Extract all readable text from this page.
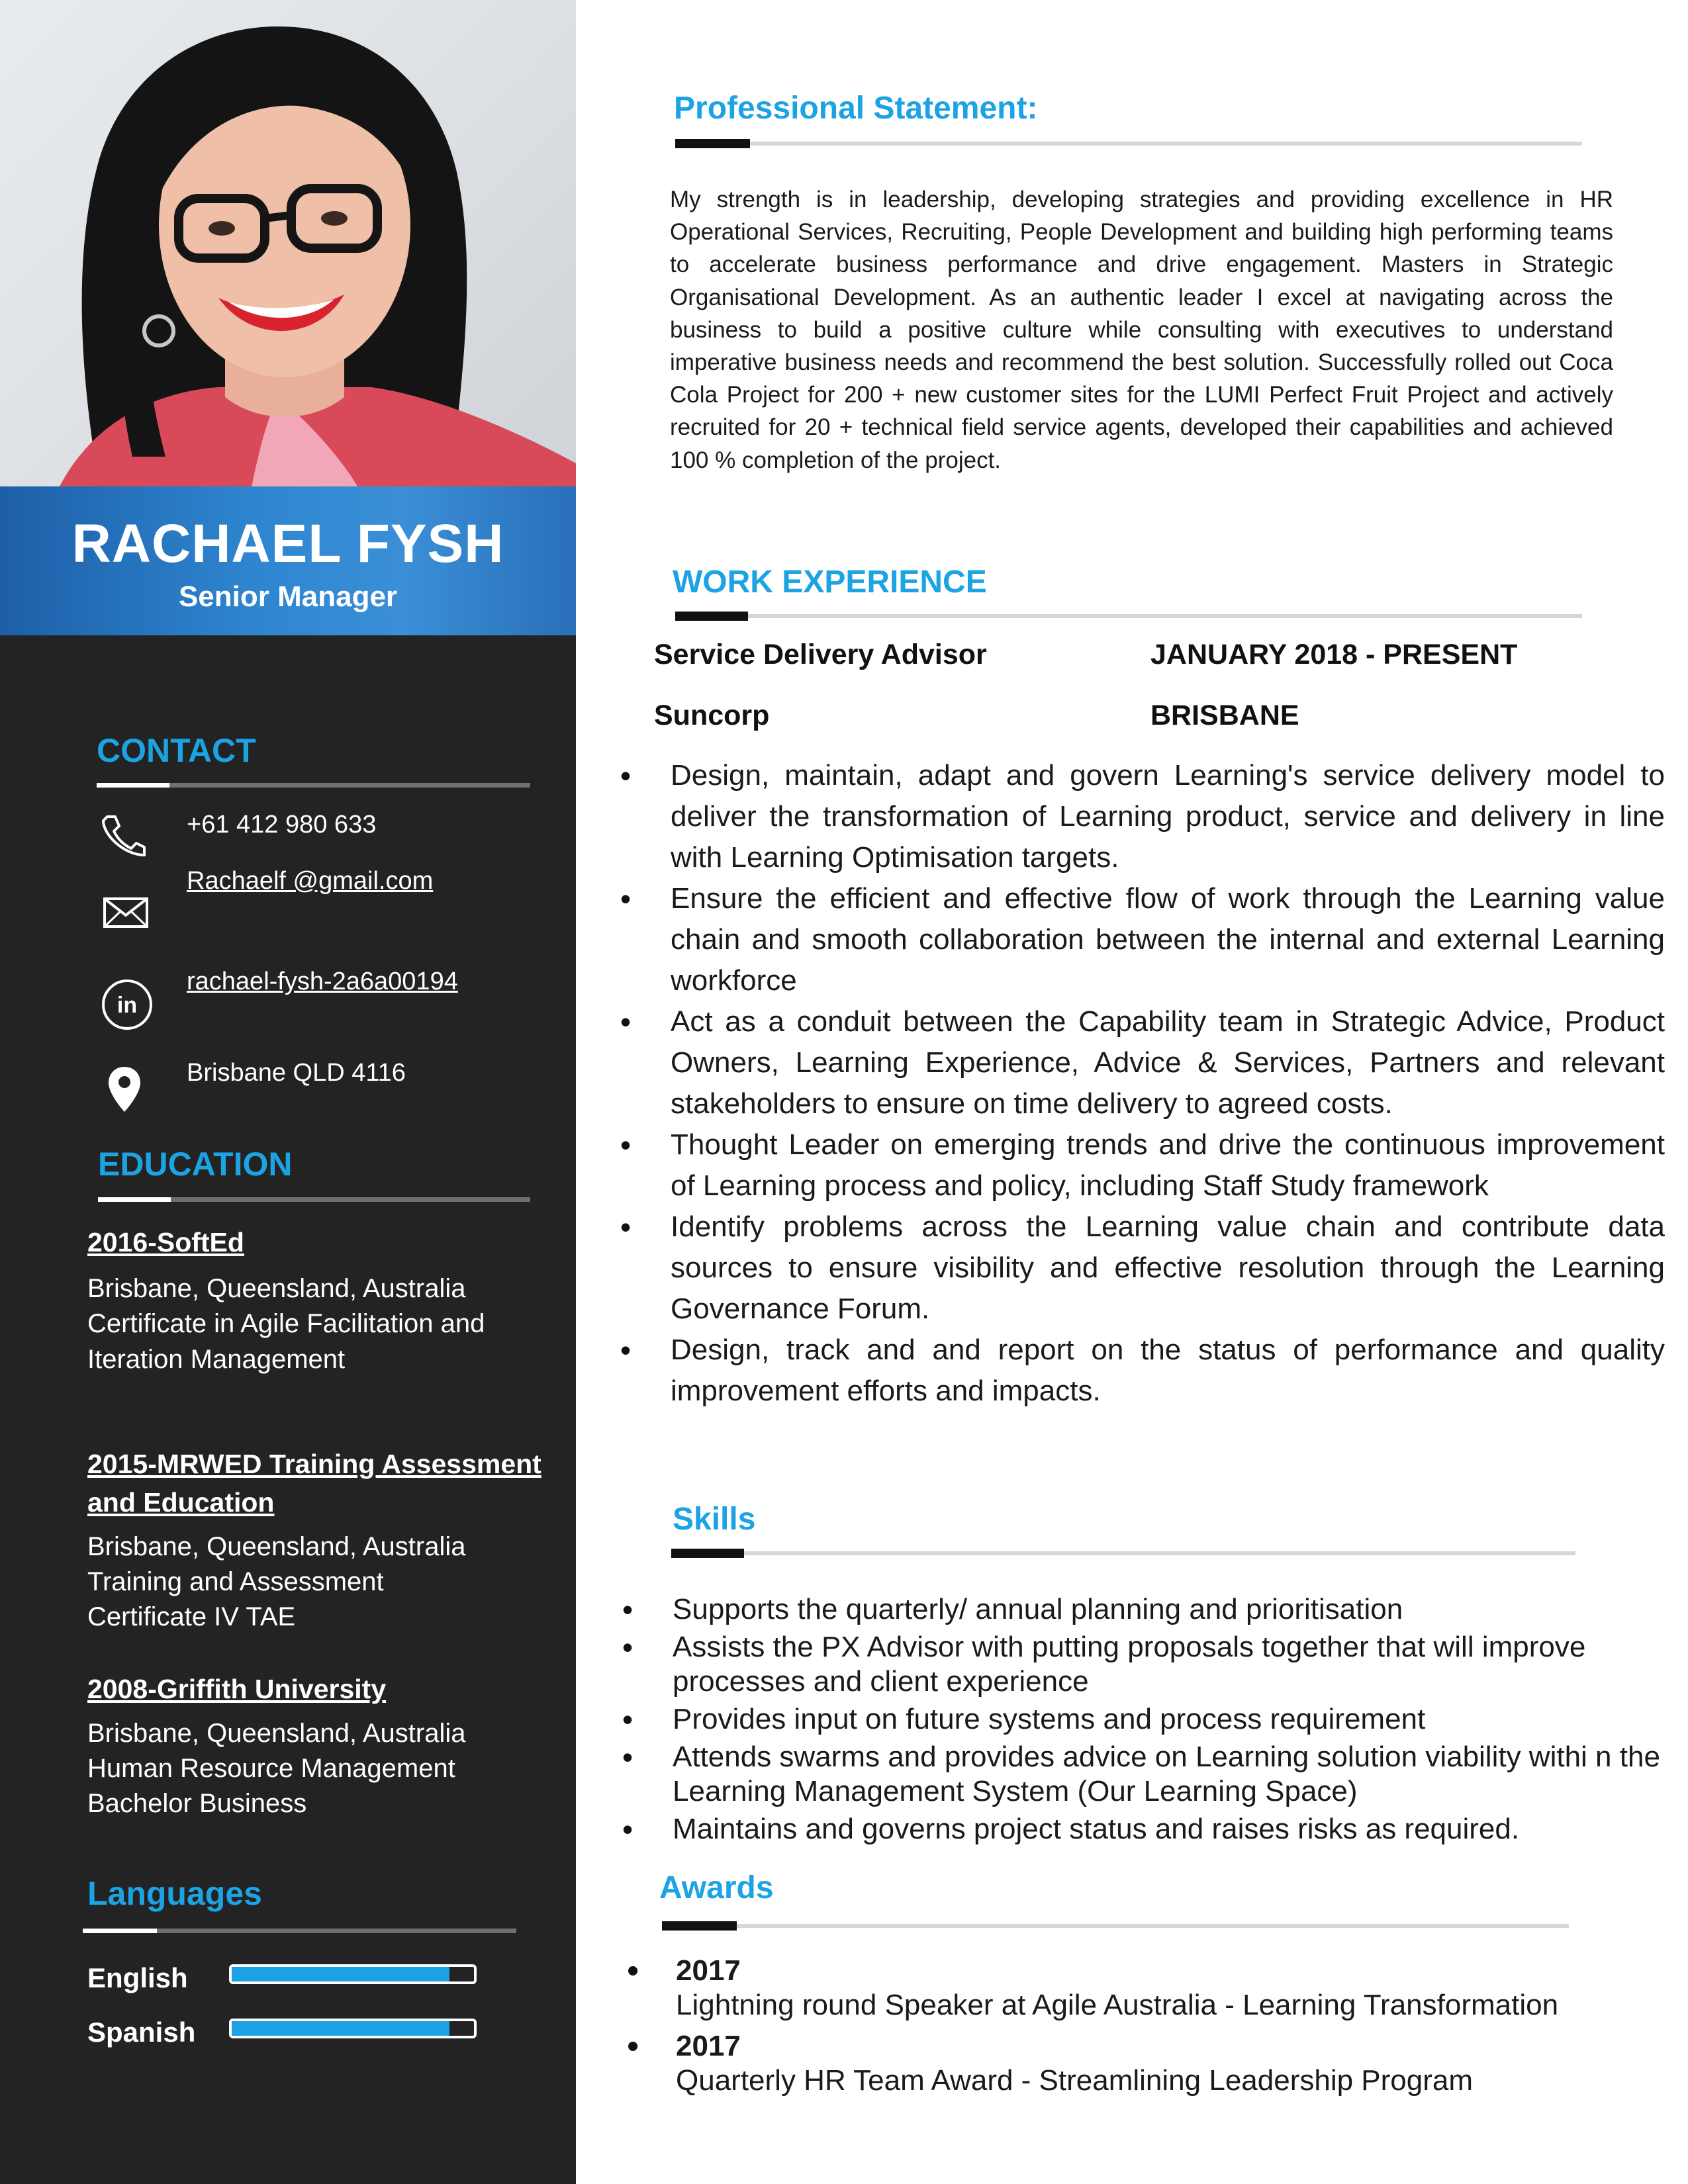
RACHAEL FYSH
Senior Manager
CONTACT
+61 412 980 633
Rachaelf @gmail.com
in
rachael-fysh-2a6a00194
Brisbane QLD 4116
EDUCATION
2016-SoftEd
Brisbane, Queensland, Australia
Certificate in Agile Facilitation and Iteration Management
2015-MRWED Training Assessment and Education
Brisbane, Queensland, Australia
Training and Assessment
Certificate IV TAE
2008-Griffith University
Brisbane, Queensland, Australia
Human Resource Management
Bachelor Business
Languages
English
Spanish
Professional Statement:
My strength is in leadership, developing strategies and providing excellence in HR Operational Services, Recruiting, People Development and building high performing teams to accelerate business performance and drive engagement. Masters in Strategic Organisational Development. As an authentic leader I excel at navigating across the business to build a positive culture while consulting with executives to understand imperative business needs and recommend the best solution. Successfully rolled out Coca Cola Project for 200 + new customer sites for the LUMI Perfect Fruit Project and actively recruited for 20 + technical field service agents, developed their capabilities and achieved 100 % completion of the project.
WORK EXPERIENCE
Service Delivery Advisor	JANUARY 2018 - PRESENT
Suncorp	BRISBANE
• Design, maintain, adapt and govern Learning's service delivery model to deliver the transformation of Learning product, service and delivery in line with Learning Optimisation targets.
• Ensure the efficient and effective flow of work through the Learning value chain and smooth collaboration between the internal and external Learning workforce
• Act as a conduit between the Capability team in Strategic Advice, Product Owners, Learning Experience, Advice & Services, Partners and relevant stakeholders to ensure on time delivery to agreed costs.
• Thought Leader on emerging trends and drive the continuous improvement of Learning process and policy, including Staff Study framework
• Identify problems across the Learning value chain and contribute data sources to ensure visibility and effective resolution through the Learning Governance Forum.
• Design, track and and report on the status of performance and quality improvement efforts and impacts.
Skills
• Supports the quarterly/ annual planning and prioritisation
• Assists the PX Advisor with putting proposals together that will improve processes and client experience
• Provides input on future systems and process requirement
• Attends swarms and provides advice on Learning solution viability withi n the Learning Management System (Our Learning Space)
• Maintains and governs project status and raises risks as required.
Awards
• 2017
Lightning round Speaker at Agile Australia - Learning Transformation
• 2017
Quarterly HR Team Award - Streamlining Leadership Program
